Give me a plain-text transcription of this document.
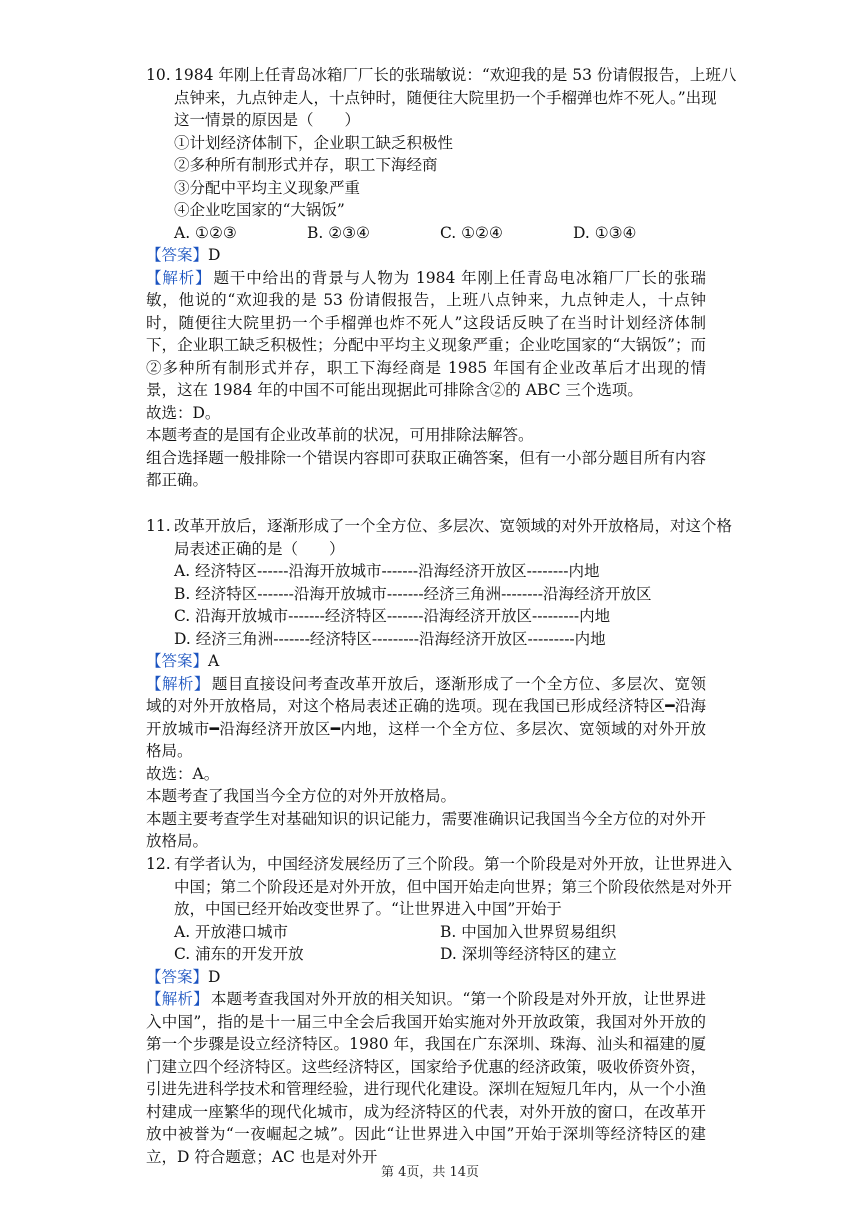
10. 1984 年刚上任青岛冰箱厂厂长的张瑞敏说：“欢迎我的是 53 份请假报告，上班八
点钟来，九点钟走人，十点钟时，随便往大院里扔一个手榴弹也炸不死人。”出现
这一情景的原因是（　　）
①计划经济体制下，企业职工缺乏积极性
②多种所有制形式并存，职工下海经商
③分配中平均主义现象严重
④企业吃国家的“大锅饭”
A. ①②③	B. ②③④	C. ①②④	D. ①③④
【答案】D
【解析】 题干中给出的背景与人物为 1984 年刚上任青岛电冰箱厂厂长的张瑞敏，他说的“欢迎我的是 53 份请假报告，上班八点钟来，九点钟走人，十点钟时，随便往大院里扔一个手榴弹也炸不死人”这段话反映了在当时计划经济体制下，企业职工缺乏积极性；分配中平均主义现象严重；企业吃国家的“大锅饭”；而②多种所有制形式并存，职工下海经商是 1985 年国有企业改革后才出现的情景，这在 1984 年的中国不可能出现据此可排除含②的 ABC 三个选项。
故选：D。
本题考查的是国有企业改革前的状况，可用排除法解答。
组合选择题一般排除一个错误内容即可获取正确答案，但有一小部分题目所有内容都正确。
11. 改革开放后，逐渐形成了一个全方位、多层次、宽领域的对外开放格局，对这个格
局表述正确的是（　　）
A. 经济特区------沿海开放城市-------沿海经济开放区--------内地
B. 经济特区-------沿海开放城市-------经济三角洲--------沿海经济开放区
C. 沿海开放城市-------经济特区-------沿海经济开放区---------内地
D. 经济三角洲-------经济特区---------沿海经济开放区---------内地
【答案】A
【解析】 题目直接设问考查改革开放后，逐渐形成了一个全方位、多层次、宽领域的对外开放格局，对这个格局表述正确的选项。现在我国已形成经济特区━沿海开放城市━沿海经济开放区━内地，这样一个全方位、多层次、宽领域的对外开放格局。
故选：A。
本题考查了我国当今全方位的对外开放格局。
本题主要考查学生对基础知识的识记能力，需要准确识记我国当今全方位的对外开放格局。
12. 有学者认为，中国经济发展经历了三个阶段。第一个阶段是对外开放，让世界进入
中国；第二个阶段还是对外开放，但中国开始走向世界；第三个阶段依然是对外开
放，中国已经开始改变世界了。“让世界进入中国”开始于
A. 开放港口城市	B. 中国加入世界贸易组织
C. 浦东的开发开放	D. 深圳等经济特区的建立
【答案】D
【解析】 本题考查我国对外开放的相关知识。“第一个阶段是对外开放，让世界进入中国”，指的是十一届三中全会后我国开始实施对外开放政策，我国对外开放的第一个步骤是设立经济特区。1980 年，我国在广东深圳、珠海、汕头和福建的厦门建立四个经济特区。这些经济特区，国家给予优惠的经济政策，吸收侨资外资，引进先进科学技术和管理经验，进行现代化建设。深圳在短短几年内，从一个小渔村建成一座繁华的现代化城市，成为经济特区的代表，对外开放的窗口，在改革开放中被誉为“一夜崛起之城”。因此“让世界进入中国”开始于深圳等经济特区的建立，D 符合题意；AC 也是对外开
第 4页，共 14页
